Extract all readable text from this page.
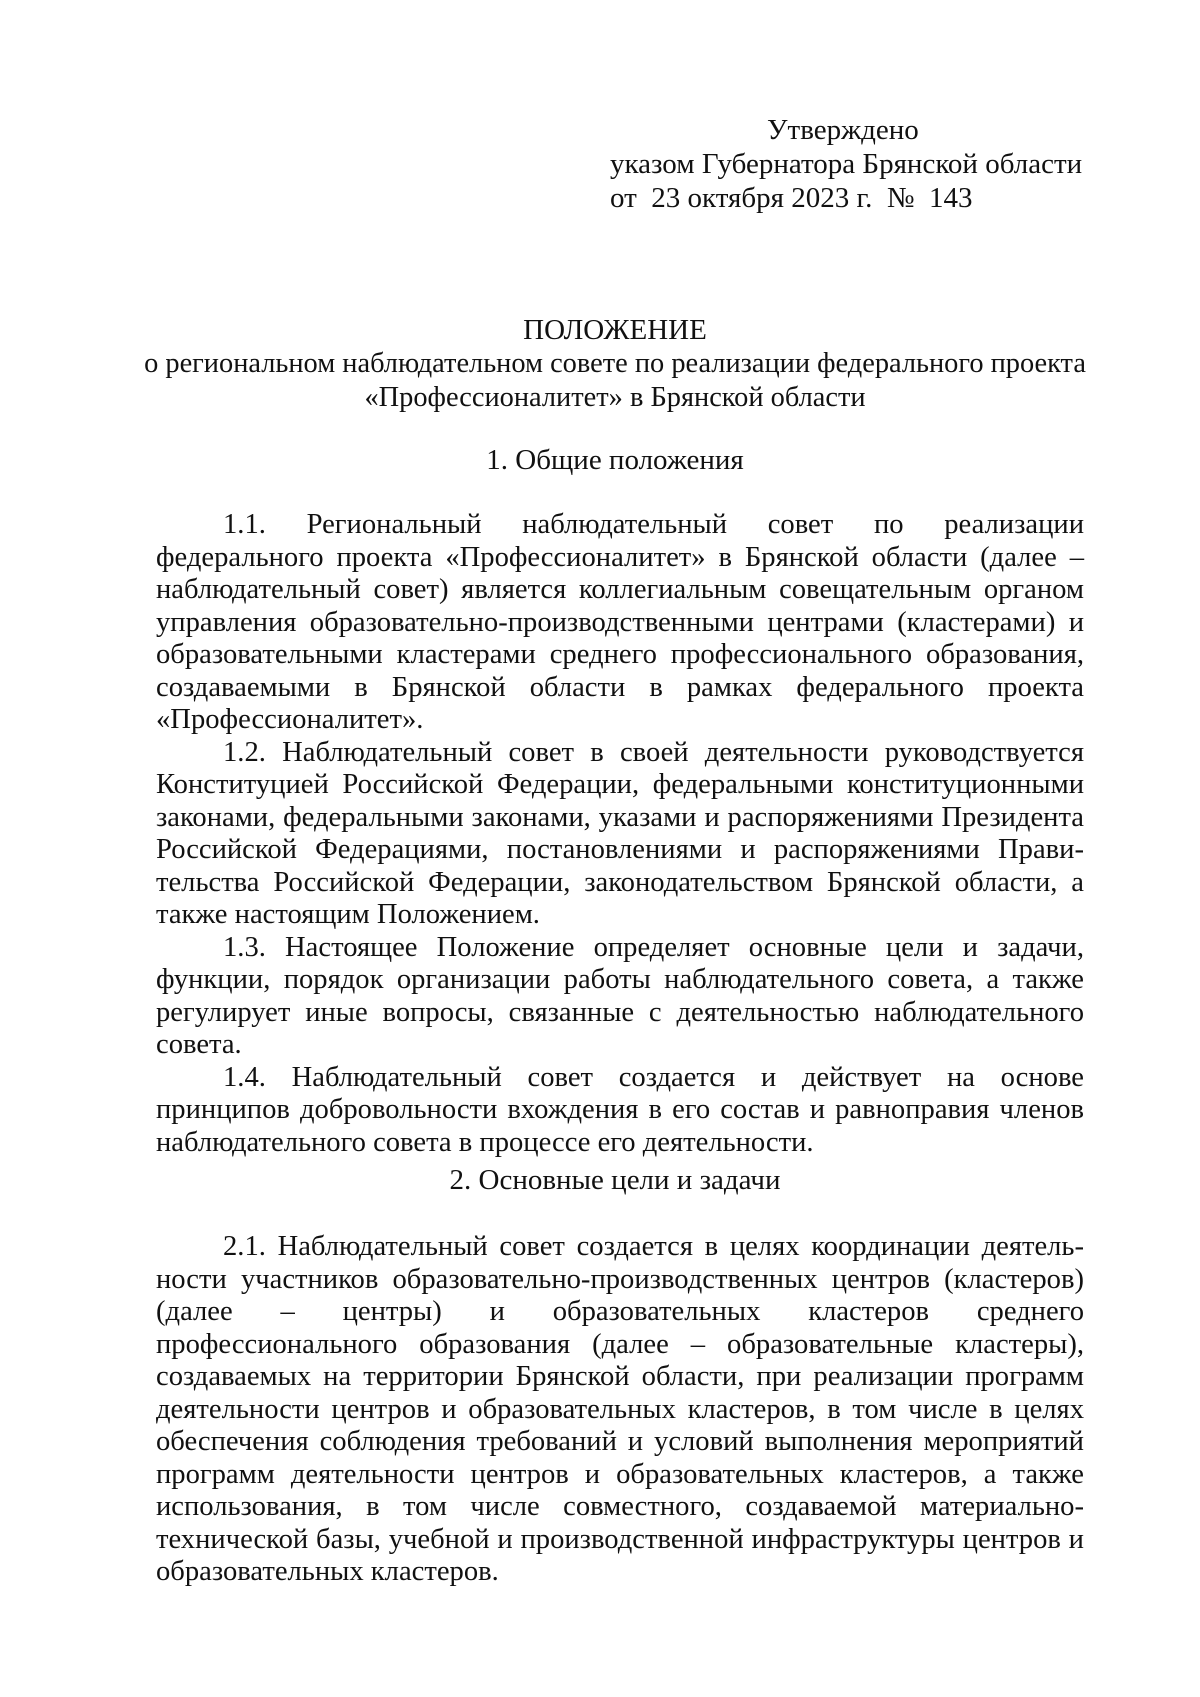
Утверждено
указом Губернатора Брянской области
от  23 октября 2023 г.  №  143
ПОЛОЖЕНИЕ
о региональном наблюдательном совете по реализации федерального проекта «Профессионалитет» в Брянской области
1. Общие положения

1.1. Региональный наблюдательный совет по реализации федерального проекта «Профессионалитет» в Брянской области (далее – наблюдательный совет) является коллегиальным совещательным органом управления образовательно-производственными центрами (кластерами) и образовательными кластерами среднего профессионального образования, создаваемыми в Брянской области в рамках федерального проекта «Профессионалитет».

1.2. Наблюдательный совет в своей деятельности руководствуется Конституцией Российской Федерации, федеральными конституционными законами, федеральными законами, указами и распоряжениями Президента Российской Федерациями, постановлениями и распоряжениями Правительства Российской Федерации, законодательством Брянской области, а также настоящим Положением.

1.3. Настоящее Положение определяет основные цели и задачи, функции, порядок организации работы наблюдательного совета, а также регулирует иные вопросы, связанные с деятельностью наблюдательного совета.

1.4. Наблюдательный совет создается и действует на основе принципов добровольности вхождения в его состав и равноправия членов наблюдательного совета в процессе его деятельности.

2. Основные цели и задачи

2.1. Наблюдательный совет создается в целях координации деятельности участников образовательно-производственных центров (кластеров) (далее – центры) и образовательных кластеров среднего профессионального образования (далее – образовательные кластеры), создаваемых на территории Брянской области, при реализации программ деятельности центров и образовательных кластеров, в том числе в целях обеспечения соблюдения требований и условий выполнения мероприятий программ деятельности центров и образовательных кластеров, а также использования, в том числе совместного, создаваемой материально-технической базы, учебной и производственной инфраструктуры центров и образовательных кластеров.
